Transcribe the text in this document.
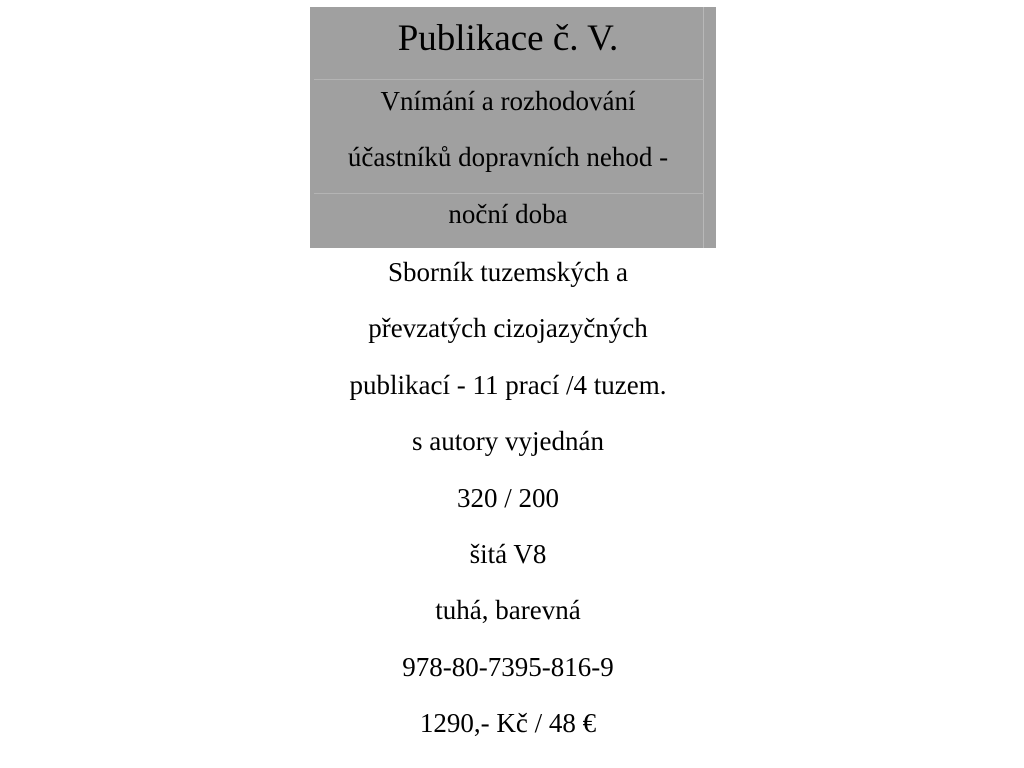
Publikace č. V.
Vnímání a rozhodování
účastníků dopravních nehod -
noční doba
Sborník tuzemských a
převzatých cizojazyčných
publikací - 11 prací /4 tuzem.
s autory vyjednán
320 / 200
šitá V8
tuhá, barevná
978-80-7395-816-9
1290,- Kč / 48 €
